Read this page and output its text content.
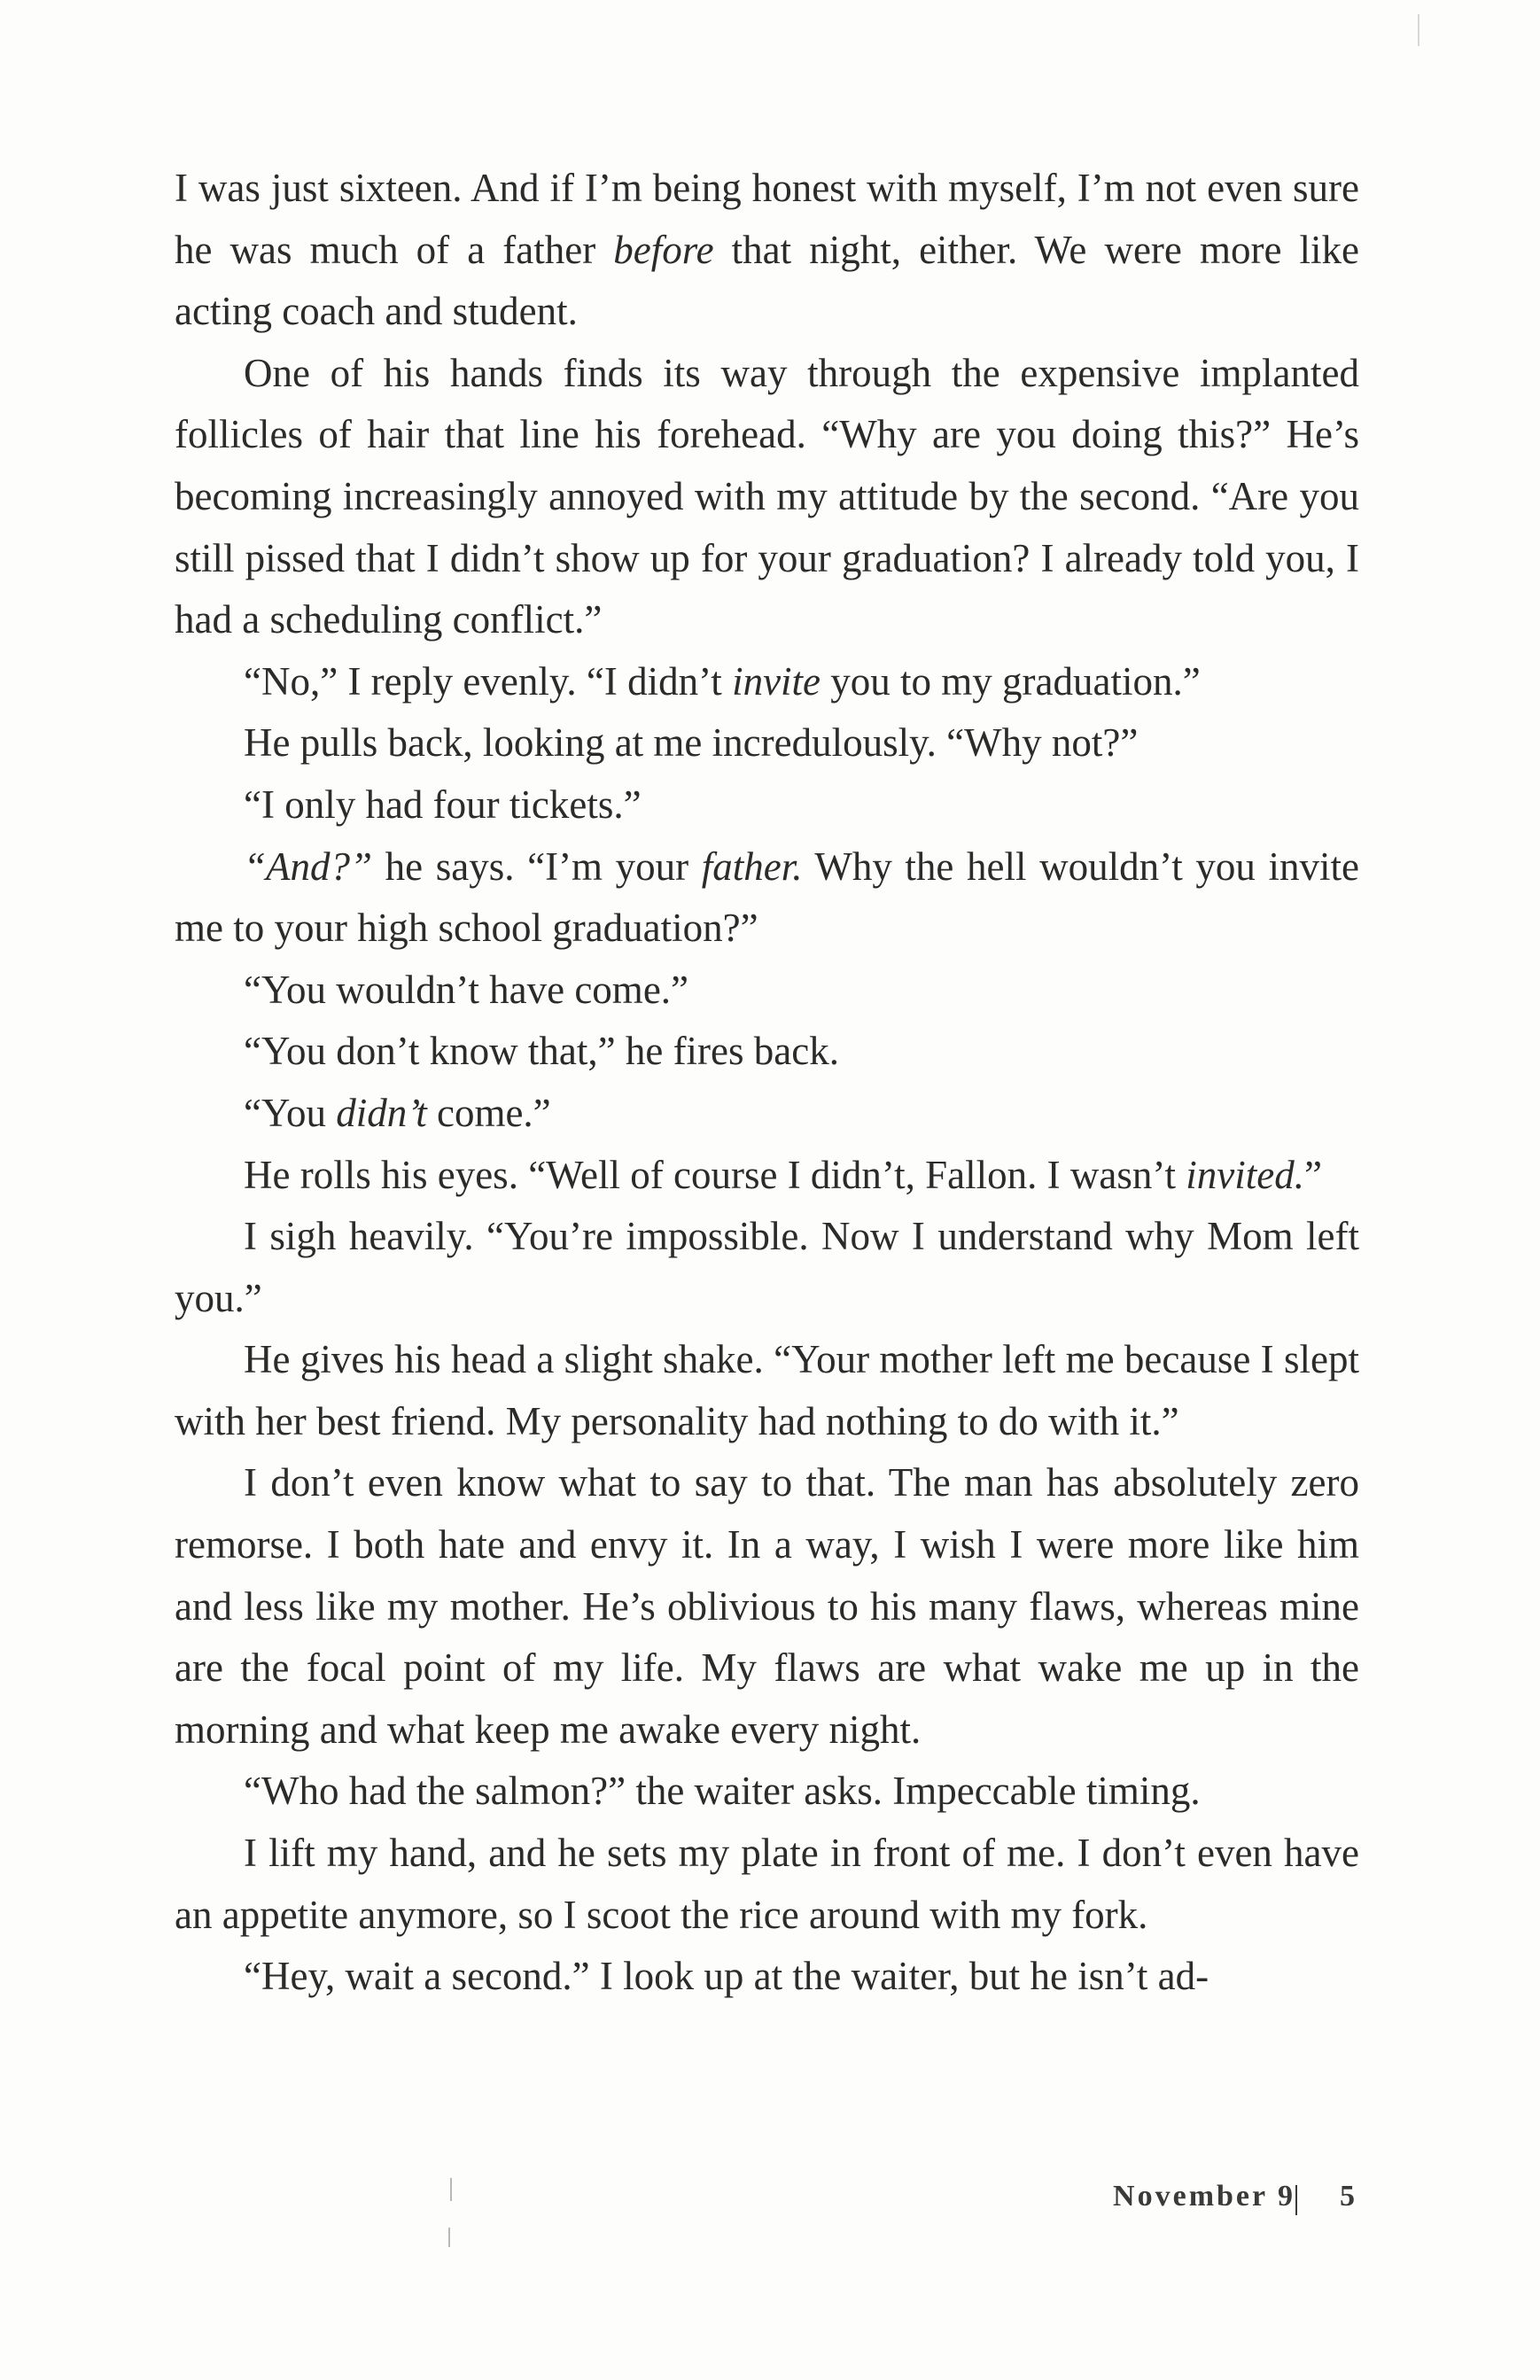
I was just sixteen. And if I’m being honest with myself, I’m not even sure he was much of a father before that night, either. We were more like acting coach and student.

One of his hands finds its way through the expensive implanted follicles of hair that line his forehead. “Why are you doing this?” He’s becoming increasingly annoyed with my attitude by the second. “Are you still pissed that I didn’t show up for your graduation? I already told you, I had a scheduling conflict.”

“No,” I reply evenly. “I didn’t invite you to my graduation.”

He pulls back, looking at me incredulously. “Why not?”

“I only had four tickets.”

“And?” he says. “I’m your father. Why the hell wouldn’t you invite me to your high school graduation?”

“You wouldn’t have come.”

“You don’t know that,” he fires back.

“You didn’t come.”

He rolls his eyes. “Well of course I didn’t, Fallon. I wasn’t invited.”

I sigh heavily. “You’re impossible. Now I understand why Mom left you.”

He gives his head a slight shake. “Your mother left me because I slept with her best friend. My personality had nothing to do with it.”

I don’t even know what to say to that. The man has absolutely zero remorse. I both hate and envy it. In a way, I wish I were more like him and less like my mother. He’s oblivious to his many flaws, whereas mine are the focal point of my life. My flaws are what wake me up in the morning and what keep me awake every night.

“Who had the salmon?” the waiter asks. Impeccable timing.

I lift my hand, and he sets my plate in front of me. I don’t even have an appetite anymore, so I scoot the rice around with my fork.

“Hey, wait a second.” I look up at the waiter, but he isn’t ad-

November 9 5
